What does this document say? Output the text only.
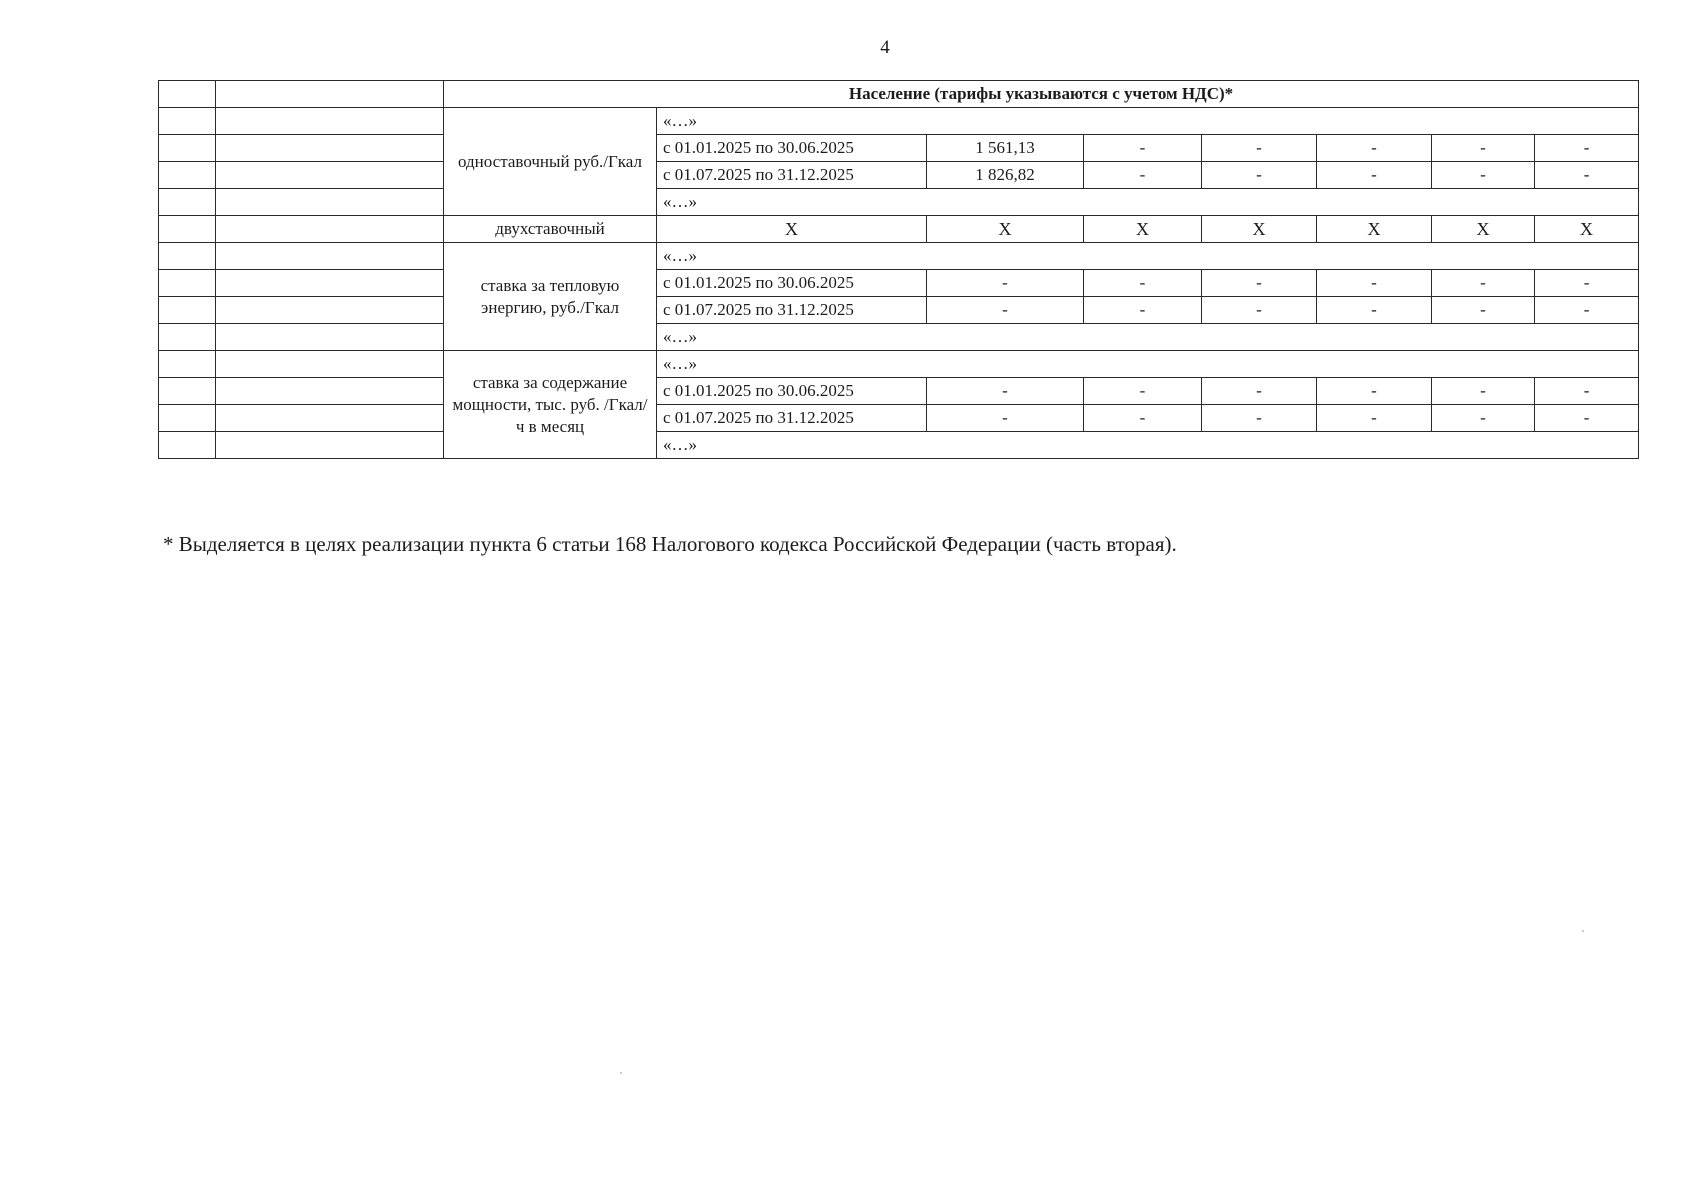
4
		Население (тарифы указываются с учетом НДС)*							
		одноставочный руб./Гкал	«…»						
			с 01.01.2025 по 30.06.2025	1 561,13	-	-	-	-	-
			с 01.07.2025 по 31.12.2025	1 826,82	-	-	-	-	-
			«…»						
		двухставочный	X	X	X	X	X	X	X
		ставка за тепловую энергию, руб./Гкал	«…»						
			с 01.01.2025 по 30.06.2025	-	-	-	-	-	-
			с 01.07.2025 по 31.12.2025	-	-	-	-	-	-
			«…»						
		ставка за содержание мощности, тыс. руб. /Гкал/ч в месяц	«…»						
			с 01.01.2025 по 30.06.2025	-	-	-	-	-	-
			с 01.07.2025 по 31.12.2025	-	-	-	-	-	-
			«…»						
* Выделяется в целях реализации пункта 6 статьи 168 Налогового кодекса Российской Федерации (часть вторая).
